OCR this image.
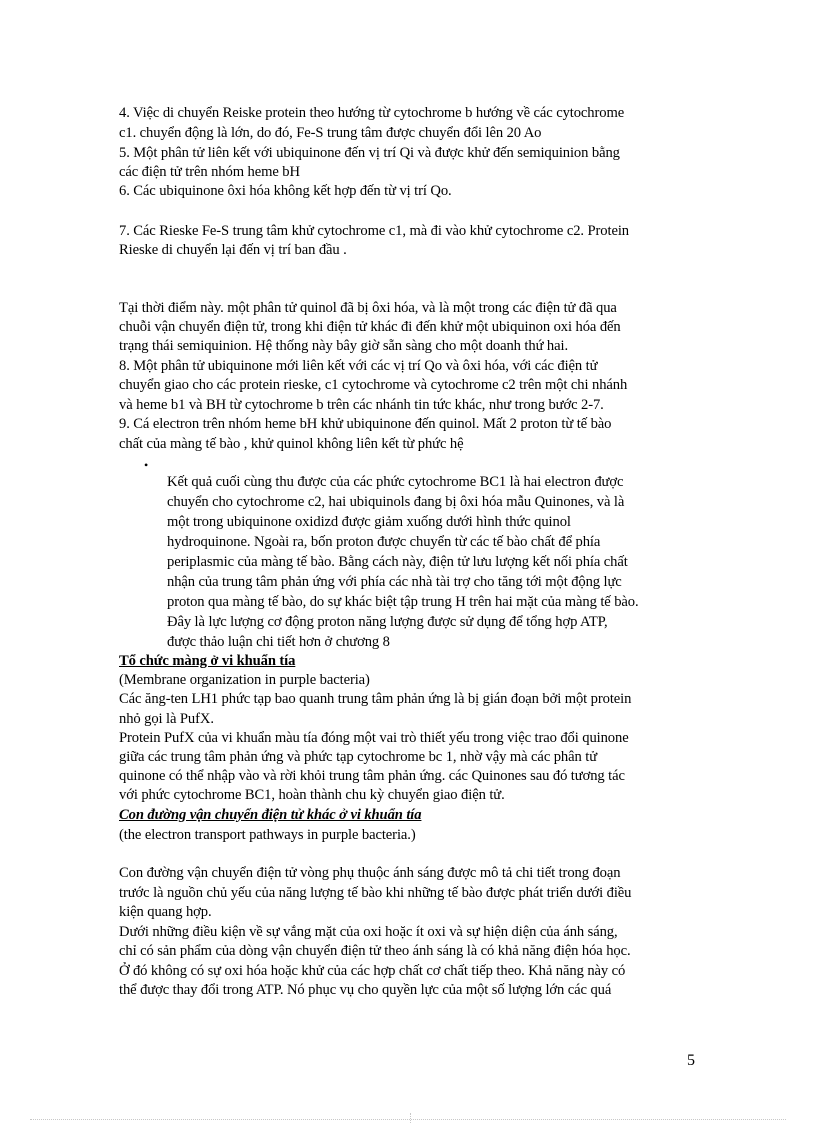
4. Việc di chuyển Reiske protein theo hướng từ cytochrome b hướng về các cytochrome
c1. chuyển động là lớn, do đó, Fe-S trung tâm được chuyển đổi lên 20 Ao
5. Một phân tử liên kết với ubiquinone đến vị trí Qi và được khử đến semiquinion bằng
các điện tử trên nhóm heme bH
6. Các ubiquinone ôxi hóa không kết hợp đến từ vị trí Qo.
7. Các Rieske Fe-S trung tâm khử cytochrome c1, mà đi vào khử cytochrome c2. Protein
Rieske di chuyển lại đến vị trí ban đầu .
Tại thời điểm này. một phân tử quinol đã bị ôxi hóa, và là một trong các điện tử đã qua
chuỗi vận chuyển điện tử, trong khi điện tử khác đi đến khử một ubiquinon oxi hóa đến
trạng thái semiquinion. Hệ thống này bây giờ sẵn sàng cho một doanh thứ hai.
8. Một phân tử ubiquinone mới liên kết với các vị trí Qo và ôxi hóa, với các điện tử
chuyển giao cho các protein rieske, c1 cytochrome và cytochrome c2 trên một chi nhánh
và heme b1 và BH từ cytochrome b trên các nhánh tin tức khác, như trong bước 2-7.
9. Cá electron trên nhóm heme bH khử ubiquinone đến quinol. Mất 2 proton từ tế bào
chất của màng tế bào , khử quinol không liên kết từ phức hệ
•
Kết quả cuối cùng thu được của các phức cytochrome BC1 là hai electron được
chuyển cho cytochrome c2, hai ubiquinols đang bị ôxi hóa mẫu Quinones, và là
một trong ubiquinone oxidizd được giảm xuống dưới hình thức quinol
hydroquinone. Ngoài ra, bốn proton được chuyển từ các tế bào chất để phía
periplasmic của màng tế bào. Bằng cách này, điện tử lưu lượng kết nối phía chất
nhận của trung tâm phản ứng với phía các nhà tài trợ cho tăng tới một động lực
proton qua màng tế bào, do sự khác biệt tập trung H trên hai mặt của màng tế bào.
Đây là lực lượng cơ động proton năng lượng được sử dụng để tổng hợp ATP,
được thảo luận chi tiết hơn ở chương 8
Tổ chức màng ở vi khuẩn tía
(Membrane organization in purple bacteria)
Các ăng-ten LH1 phức tạp bao quanh trung tâm phản ứng là bị gián đoạn bởi một protein
nhỏ gọi là PufX.
Protein PufX của vi khuẩn màu tía đóng một vai trò thiết yếu trong việc trao đổi quinone
giữa các trung tâm phản ứng và phức tạp cytochrome bc 1, nhờ vậy mà các phân tử
quinone có thể nhập vào và rời khỏi trung tâm phản ứng. các Quinones sau đó tương tác
với phức cytochrome BC1, hoàn thành chu kỳ chuyển giao điện tử.
Con đường vận chuyển điện tử khác ở vi khuẩn tía
(the electron transport pathways in purple bacteria.)
Con đường vận chuyển điện tử vòng phụ thuộc ánh sáng được mô tả chi tiết trong đoạn
trước là nguồn chủ yếu của năng lượng tế bào khi những tế bào được phát triển dưới điều
kiện quang hợp.
Dưới những điều kiện về sự vắng mặt của oxi hoặc ít oxi và sự hiện diện của ánh sáng,
chỉ có sản phẩm của dòng vận chuyển điện tử theo ánh sáng là có khả năng điện hóa học.
Ở đó không có sự oxi hóa hoặc khử của các hợp chất cơ chất tiếp theo. Khả năng này có
thể được thay đổi trong ATP. Nó phục vụ cho quyền lực của một số lượng lớn các quá
5
